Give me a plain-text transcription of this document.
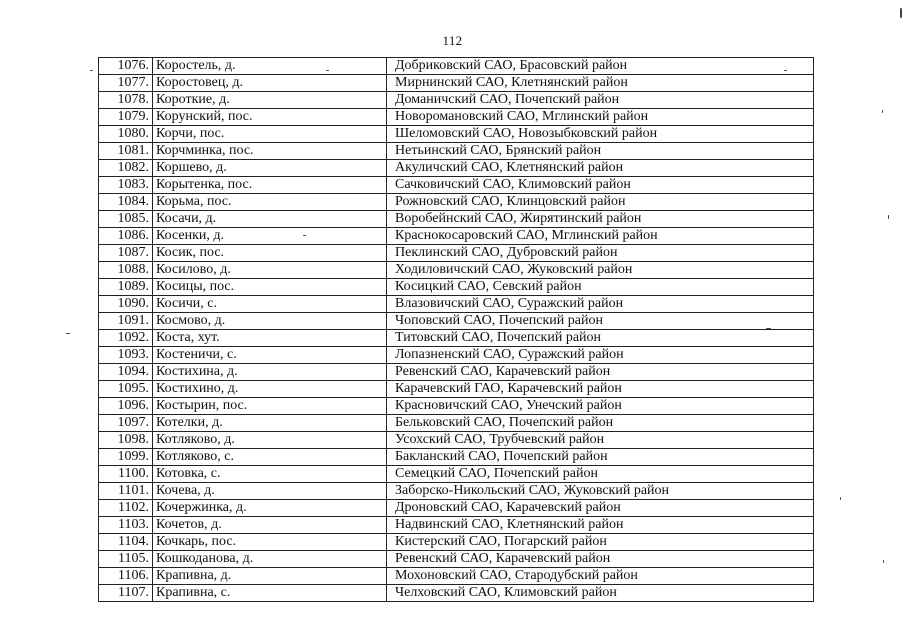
112
1076.	Коростель, д.	Добриковский САО, Брасовский район
1077.	Коростовец, д.	Мирнинский САО, Клетнянский район
1078.	Короткие, д.	Доманичский САО, Почепский район
1079.	Корунский, пос.	Новоромановский САО, Мглинский район
1080.	Корчи, пос.	Шеломовский САО, Новозыбковский район
1081.	Корчминка, пос.	Нетьинский САО, Брянский район
1082.	Коршево, д.	Акуличский САО, Клетнянский район
1083.	Корытенка, пос.	Сачковичский САО, Климовский район
1084.	Корьма, пос.	Рожновский САО, Клинцовский район
1085.	Косачи, д.	Воробейнский САО, Жирятинский район
1086.	Косенки, д.	Краснокосаровский САО, Мглинский район
1087.	Косик, пос.	Пеклинский САО, Дубровский район
1088.	Косилово, д.	Ходиловичский САО, Жуковский район
1089.	Косицы, пос.	Косицкий САО, Севский район
1090.	Косичи, с.	Влазовичский САО, Суражский район
1091.	Космово, д.	Чоповский САО, Почепский район
1092.	Коста, хут.	Титовский САО, Почепский район
1093.	Костеничи, с.	Лопазненский САО, Суражский район
1094.	Костихина, д.	Ревенский САО, Карачевский район
1095.	Костихино, д.	Карачевский ГАО, Карачевский район
1096.	Костырин, пос.	Красновичский САО, Унечский район
1097.	Котелки, д.	Бельковский САО, Почепский район
1098.	Котляково, д.	Усохский САО, Трубчевский район
1099.	Котляково, с.	Бакланский САО, Почепский район
1100.	Котовка, с.	Семецкий САО, Почепский район
1101.	Кочева, д.	Заборско-Никольский САО, Жуковский район
1102.	Кочержинка, д.	Дроновский САО, Карачевский район
1103.	Кочетов, д.	Надвинский САО, Клетнянский район
1104.	Кочкарь, пос.	Кистерский САО, Погарский район
1105.	Кошкоданова, д.	Ревенский САО, Карачевский район
1106.	Крапивна, д.	Мохоновский САО, Стародубский район
1107.	Крапивна, с.	Челховский САО, Климовский район
